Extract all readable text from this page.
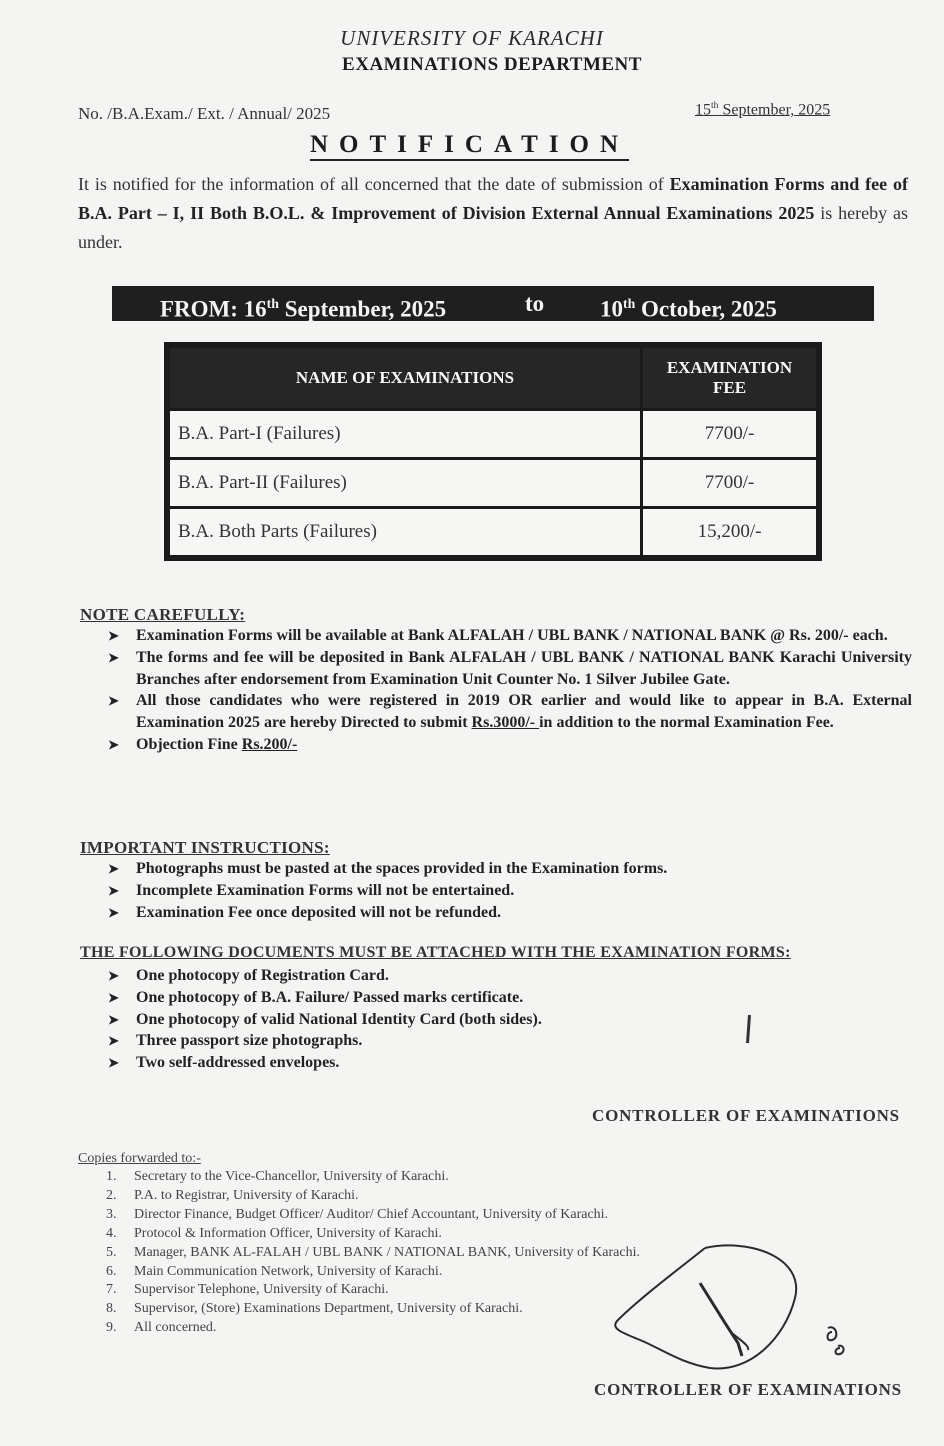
UNIVERSITY OF KARACHI
EXAMINATIONS DEPARTMENT
No. /B.A.Exam./ Ext. / Annual/ 2025	15th September, 2025
NOTIFICATION
It is notified for the information of all concerned that the date of submission of Examination Forms and fee of B.A. Part – I, II Both B.O.L. & Improvement of Division External Annual Examinations 2025 is hereby as under.
FROM: 16th September, 2025	to 10th October, 2025
NAME OF EXAMINATIONS	EXAMINATION
FEE
B.A. Part-I (Failures)	7700/-
B.A. Part-II (Failures)	7700/-
B.A. Both Parts (Failures)	15,200/-
NOTE CAREFULLY:
➤ Examination Forms will be available at Bank ALFALAH / UBL BANK / NATIONAL BANK @ Rs. 200/- each.
➤ The forms and fee will be deposited in Bank ALFALAH / UBL BANK / NATIONAL BANK Karachi University Branches after endorsement from Examination Unit Counter No. 1 Silver Jubilee Gate.
➤ All those candidates who were registered in 2019 OR earlier and would like to appear in B.A. External Examination 2025 are hereby Directed to submit Rs.3000/- in addition to the normal Examination Fee.
➤ Objection Fine Rs.200/-
IMPORTANT INSTRUCTIONS:
➤ Photographs must be pasted at the spaces provided in the Examination forms.
➤ Incomplete Examination Forms will not be entertained.
➤ Examination Fee once deposited will not be refunded.
THE FOLLOWING DOCUMENTS MUST BE ATTACHED WITH THE EXAMINATION FORMS:
➤ One photocopy of Registration Card.
➤ One photocopy of B.A. Failure/ Passed marks certificate.
➤ One photocopy of valid National Identity Card (both sides).
➤ Three passport size photographs.
➤ Two self-addressed envelopes.
CONTROLLER OF EXAMINATIONS
Copies forwarded to:-
1.	Secretary to the Vice-Chancellor, University of Karachi.
2.	P.A. to Registrar, University of Karachi.
3.	Director Finance, Budget Officer/ Auditor/ Chief Accountant, University of Karachi.
4.	Protocol & Information Officer, University of Karachi.
5.	Manager, BANK AL-FALAH / UBL BANK / NATIONAL BANK, University of Karachi.
6.	Main Communication Network, University of Karachi.
7.	Supervisor Telephone, University of Karachi.
8.	Supervisor, (Store) Examinations Department, University of Karachi.
9.	All concerned.
CONTROLLER OF EXAMINATIONS
